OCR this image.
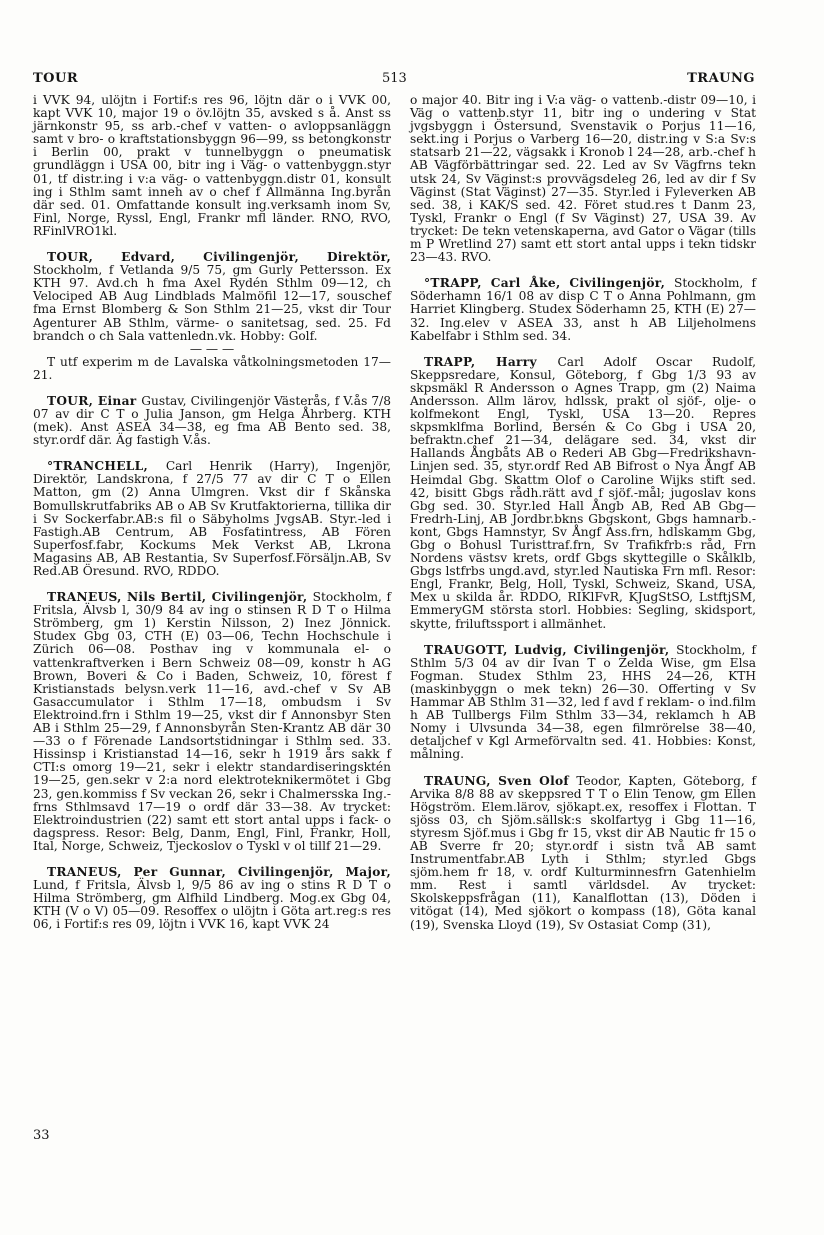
TOUR	513	TRAUNG

i VVK 94, ulöjtn i Fortif:s res 96, löjtn där o i VVK 00, kapt VVK 10, major 19 o öv.löjtn 35, avsked s å. Anst ss järnkonstr 95, ss arb.-chef v vatten- o avloppsanläggn samt v bro- o kraftstationsbyggn 96—99, ss betongkonstr i Berlin 00, prakt v tunnelbyggn o pneumatisk grundläggn i USA 00, bitr ing i Väg- o vattenbyggn.styr 01, tf distr.ing i v:a väg- o vattenbyggn.distr 01, konsult ing i Sthlm samt inneh av o chef f Allmänna Ing.byrån där sed. 01. Omfattande konsult ing.verksamh inom Sv, Finl, Norge, Ryssl, Engl, Frankr mfl länder. RNO, RVO, RFinlVRO1kl.

TOUR, Edvard, Civilingenjör, Direktör, Stockholm, f Vetlanda 9/5 75, gm Gurly Pettersson. Ex KTH 97. Avd.ch h fma Axel Rydén Sthlm 09—12, ch Velociped AB Aug Lindblads Malmöfil 12—17, souschef fma Ernst Blomberg & Son Sthlm 21—25, vkst dir Tour Agenturer AB Sthlm, värme- o sanitetsag, sed. 25. Fd brandch o ch Sala vattenledn.vk. Hobby: Golf.

— — —

T utf experim m de Lavalska våtkolningsmetoden 17—21.

TOUR, Einar Gustav, Civilingenjör Västerås, f V.ås 7/8 07 av dir C T o Julia Janson, gm Helga Åhrberg. KTH (mek). Anst ASEA 34—38, eg fma AB Bento sed. 38, styr.ordf där. Äg fastigh V.ås.

°TRANCHELL, Carl Henrik (Harry), Ingenjör, Direktör, Landskrona, f 27/5 77 av dir C T o Ellen Matton, gm (2) Anna Ulmgren. Vkst dir f Skånska Bomullskrutfabriks AB o AB Sv Krutfaktorierna, tillika dir i Sv Sockerfabr.AB:s fil o Säbyholms JvgsAB. Styr.-led i Fastigh.AB Centrum, AB Fosfatintress, AB Fören Superfosf.fabr, Kockums Mek Verkst AB, Lkrona Magasins AB, AB Restantia, Sv Superfosf.Försäljn.AB, Sv Red.AB Öresund. RVO, RDDO.

TRANEUS, Nils Bertil, Civilingenjör, Stockholm, f Fritsla, Älvsb l, 30/9 84 av ing o stinsen R D T o Hilma Strömberg, gm 1) Kerstin Nilsson, 2) Inez Jönnick. Studex Gbg 03, CTH (E) 03—06, Techn Hochschule i Zürich 06—08. Posthav ing v kommunala el- o vattenkraftverken i Bern Schweiz 08—09, konstr h AG Brown, Boveri & Co i Baden, Schweiz, 10, förest f Kristianstads belysn.verk 11—16, avd.-chef v Sv AB Gasaccumulator i Sthlm 17—18, ombudsm i Sv Elektroind.frn i Sthlm 19—25, vkst dir f Annonsbyr Sten AB i Sthlm 25—29, f Annonsbyrån Sten-Krantz AB där 30—33 o f Förenade Landsortstidningar i Sthlm sed. 33. Hissinsp i Kristianstad 14—16, sekr h 1919 års sakk f CTI:s omorg 19—21, sekr i elektr standardiseringsktén 19—25, gen.sekr v 2:a nord elektroteknikermötet i Gbg 23, gen.kommiss f Sv veckan 26, sekr i Chalmersska Ing.-frns Sthlmsavd 17—19 o ordf där 33—38. Av trycket: Elektroindustrien (22) samt ett stort antal upps i fack- o dagspress. Resor: Belg, Danm, Engl, Finl, Frankr, Holl, Ital, Norge, Schweiz, Tjeckoslov o Tyskl v ol tillf 21—29.

TRANEUS, Per Gunnar, Civilingenjör, Major, Lund, f Fritsla, Älvsb l, 9/5 86 av ing o stins R D T o Hilma Strömberg, gm Alfhild Lindberg. Mog.ex Gbg 04, KTH (V o V) 05—09. Resoffex o ulöjtn i Göta art.reg:s res 06, i Fortif:s res 09, löjtn i VVK 16, kapt VVK 24

o major 40. Bitr ing i V:a väg- o vattenb.-distr 09—10, i Väg o vattenb.styr 11, bitr ing o undering v Stat jvgsbyggn i Östersund, Svenstavik o Porjus 11—16, sekt.ing i Porjus o Varberg 16—20, distr.ing v S:a Sv:s statsarb 21—22, vägsakk i Kronob l 24—28, arb.-chef h AB Vägförbättringar sed. 22. Led av Sv Vägfrns tekn utsk 24, Sv Väginst:s provvägsdeleg 26, led av dir f Sv Väginst (Stat Väginst) 27—35. Styr.led i Fyleverken AB sed. 38, i KAK/S sed. 42. Föret stud.res t Danm 23, Tyskl, Frankr o Engl (f Sv Väginst) 27, USA 39. Av trycket: De tekn vetenskaperna, avd Gator o Vägar (tills m P Wretlind 27) samt ett stort antal upps i tekn tidskr 23—43. RVO.

°TRAPP, Carl Åke, Civilingenjör, Stockholm, f Söderhamn 16/1 08 av disp C T o Anna Pohlmann, gm Harriet Klingberg. Studex Söderhamn 25, KTH (E) 27—32. Ing.elev v ASEA 33, anst h AB Liljeholmens Kabelfabr i Sthlm sed. 34.

TRAPP, Harry Carl Adolf Oscar Rudolf, Skeppsredare, Konsul, Göteborg, f Gbg 1/3 93 av skpsmäkl R Andersson o Agnes Trapp, gm (2) Naima Andersson. Allm lärov, hdlssk, prakt ol sjöf-, olje- o kolfmekont Engl, Tyskl, USA 13—20. Repres skpsmklfma Borlind, Bersén & Co Gbg i USA 20, befraktn.chef 21—34, delägare sed. 34, vkst dir Hallands Ångbåts AB o Rederi AB Gbg—Fredrikshavn-Linjen sed. 35, styr.ordf Red AB Bifrost o Nya Ångf AB Heimdal Gbg. Skattm Olof o Caroline Wijks stift sed. 42, bisitt Gbgs rådh.rätt avd f sjöf.-mål; jugoslav kons Gbg sed. 30. Styr.led Hall Ångb AB, Red AB Gbg—Fredrh-Linj, AB Jordbr.bkns Gbgskont, Gbgs hamnarb.-kont, Gbgs Hamnstyr, Sv Ångf Ass.frn, hdlskamm Gbg, Gbg o Bohusl Turisttraf.frn, Sv Trafikfrb:s råd, Frn Nordens västsv krets, ordf Gbgs skyttegille o Skålklb, Gbgs lstfrbs ungd.avd, styr.led Nautiska Frn mfl. Resor: Engl, Frankr, Belg, Holl, Tyskl, Schweiz, Skand, USA, Mex u skilda år. RDDO, RIKlFvR, KJugStSO, LstftjSM, EmmeryGM största storl. Hobbies: Segling, skidsport, skytte, friluftssport i allmänhet.

TRAUGOTT, Ludvig, Civilingenjör, Stockholm, f Sthlm 5/3 04 av dir Ivan T o Zelda Wise, gm Elsa Fogman. Studex Sthlm 23, HHS 24—26, KTH (maskinbyggn o mek tekn) 26—30. Offerting v Sv Hammar AB Sthlm 31—32, led f avd f reklam- o ind.film h AB Tullbergs Film Sthlm 33—34, reklamch h AB Nomy i Ulvsunda 34—38, egen filmrörelse 38—40, detaljchef v Kgl Armeförvaltn sed. 41. Hobbies: Konst, målning.

TRAUNG, Sven Olof Teodor, Kapten, Göteborg, f Arvika 8/8 88 av skeppsred T T o Elin Tenow, gm Ellen Högström. Elem.lärov, sjökapt.ex, resoffex i Flottan. T sjöss 03, ch Sjöm.sällsk:s skolfartyg i Gbg 11—16, styresm Sjöf.mus i Gbg fr 15, vkst dir AB Nautic fr 15 o AB Sverre fr 20; styr.ordf i sistn två AB samt Instrumentfabr.AB Lyth i Sthlm; styr.led Gbgs sjöm.hem fr 18, v. ordf Kulturminnesfrn Gatenhielm mm. Rest i samtl världsdel. Av trycket: Skolskeppsfrågan (11), Kanalflottan (13), Döden i vitögat (14), Med sjökort o kompass (18), Göta kanal (19), Svenska Lloyd (19), Sv Ostasiat Comp (31),

33
